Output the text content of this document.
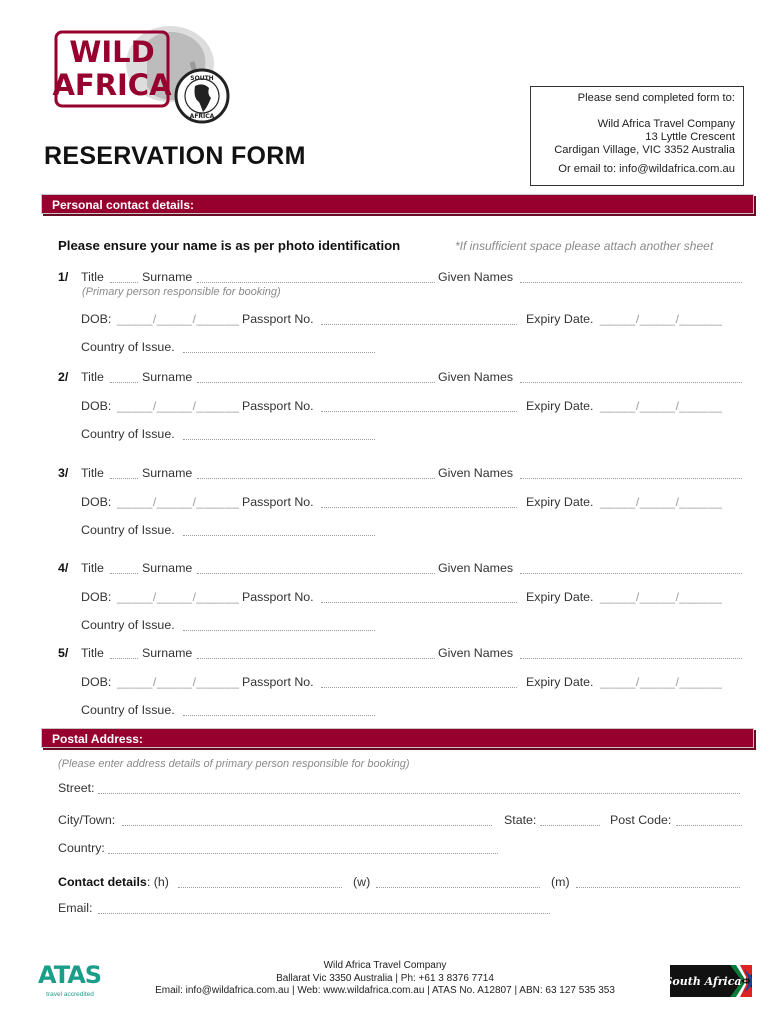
WILD
AFRICA	SOUTH
AFRICA
Please send completed form to:
Wild Africa Travel Company
13 Lyttle Crescent
Cardigan Village, VIC 3352 Australia
Or email to: info@wildafrica.com.au
RESERVATION FORM
Personal contact details:
Please ensure your name is as per photo identification	*If insufficient space please attach another sheet
1/ Title	Surname	Given Names
(Primary person responsible for booking)
DOB: _____/_____/______ Passport No.	Expiry Date. _____/_____/______
Country of Issue.
2/ Title	Surname	Given Names
DOB: _____/_____/______ Passport No.	Expiry Date. _____/_____/______
Country of Issue.
3/ Title	Surname	Given Names
DOB: _____/_____/______ Passport No.	Expiry Date. _____/_____/______
Country of Issue.
4/ Title	Surname	Given Names
DOB: _____/_____/______ Passport No.	Expiry Date. _____/_____/______
Country of Issue.
5/ Title	Surname	Given Names
DOB: _____/_____/______ Passport No.	Expiry Date. _____/_____/______
Country of Issue.
Postal Address:
(Please enter address details of primary person responsible for booking)
Street:
City/Town:	State:	Post Code:
Country:
Contact details: (h)	(w)	(m)
Email:
ATAS
travel accredited
Wild Africa Travel Company
Ballarat Vic 3350 Australia | Ph: +61 3 8376 7714
Email: info@wildafrica.com.au | Web: www.wildafrica.com.au | ATAS No. A12807 | ABN: 63 127 535 353
South Africa
